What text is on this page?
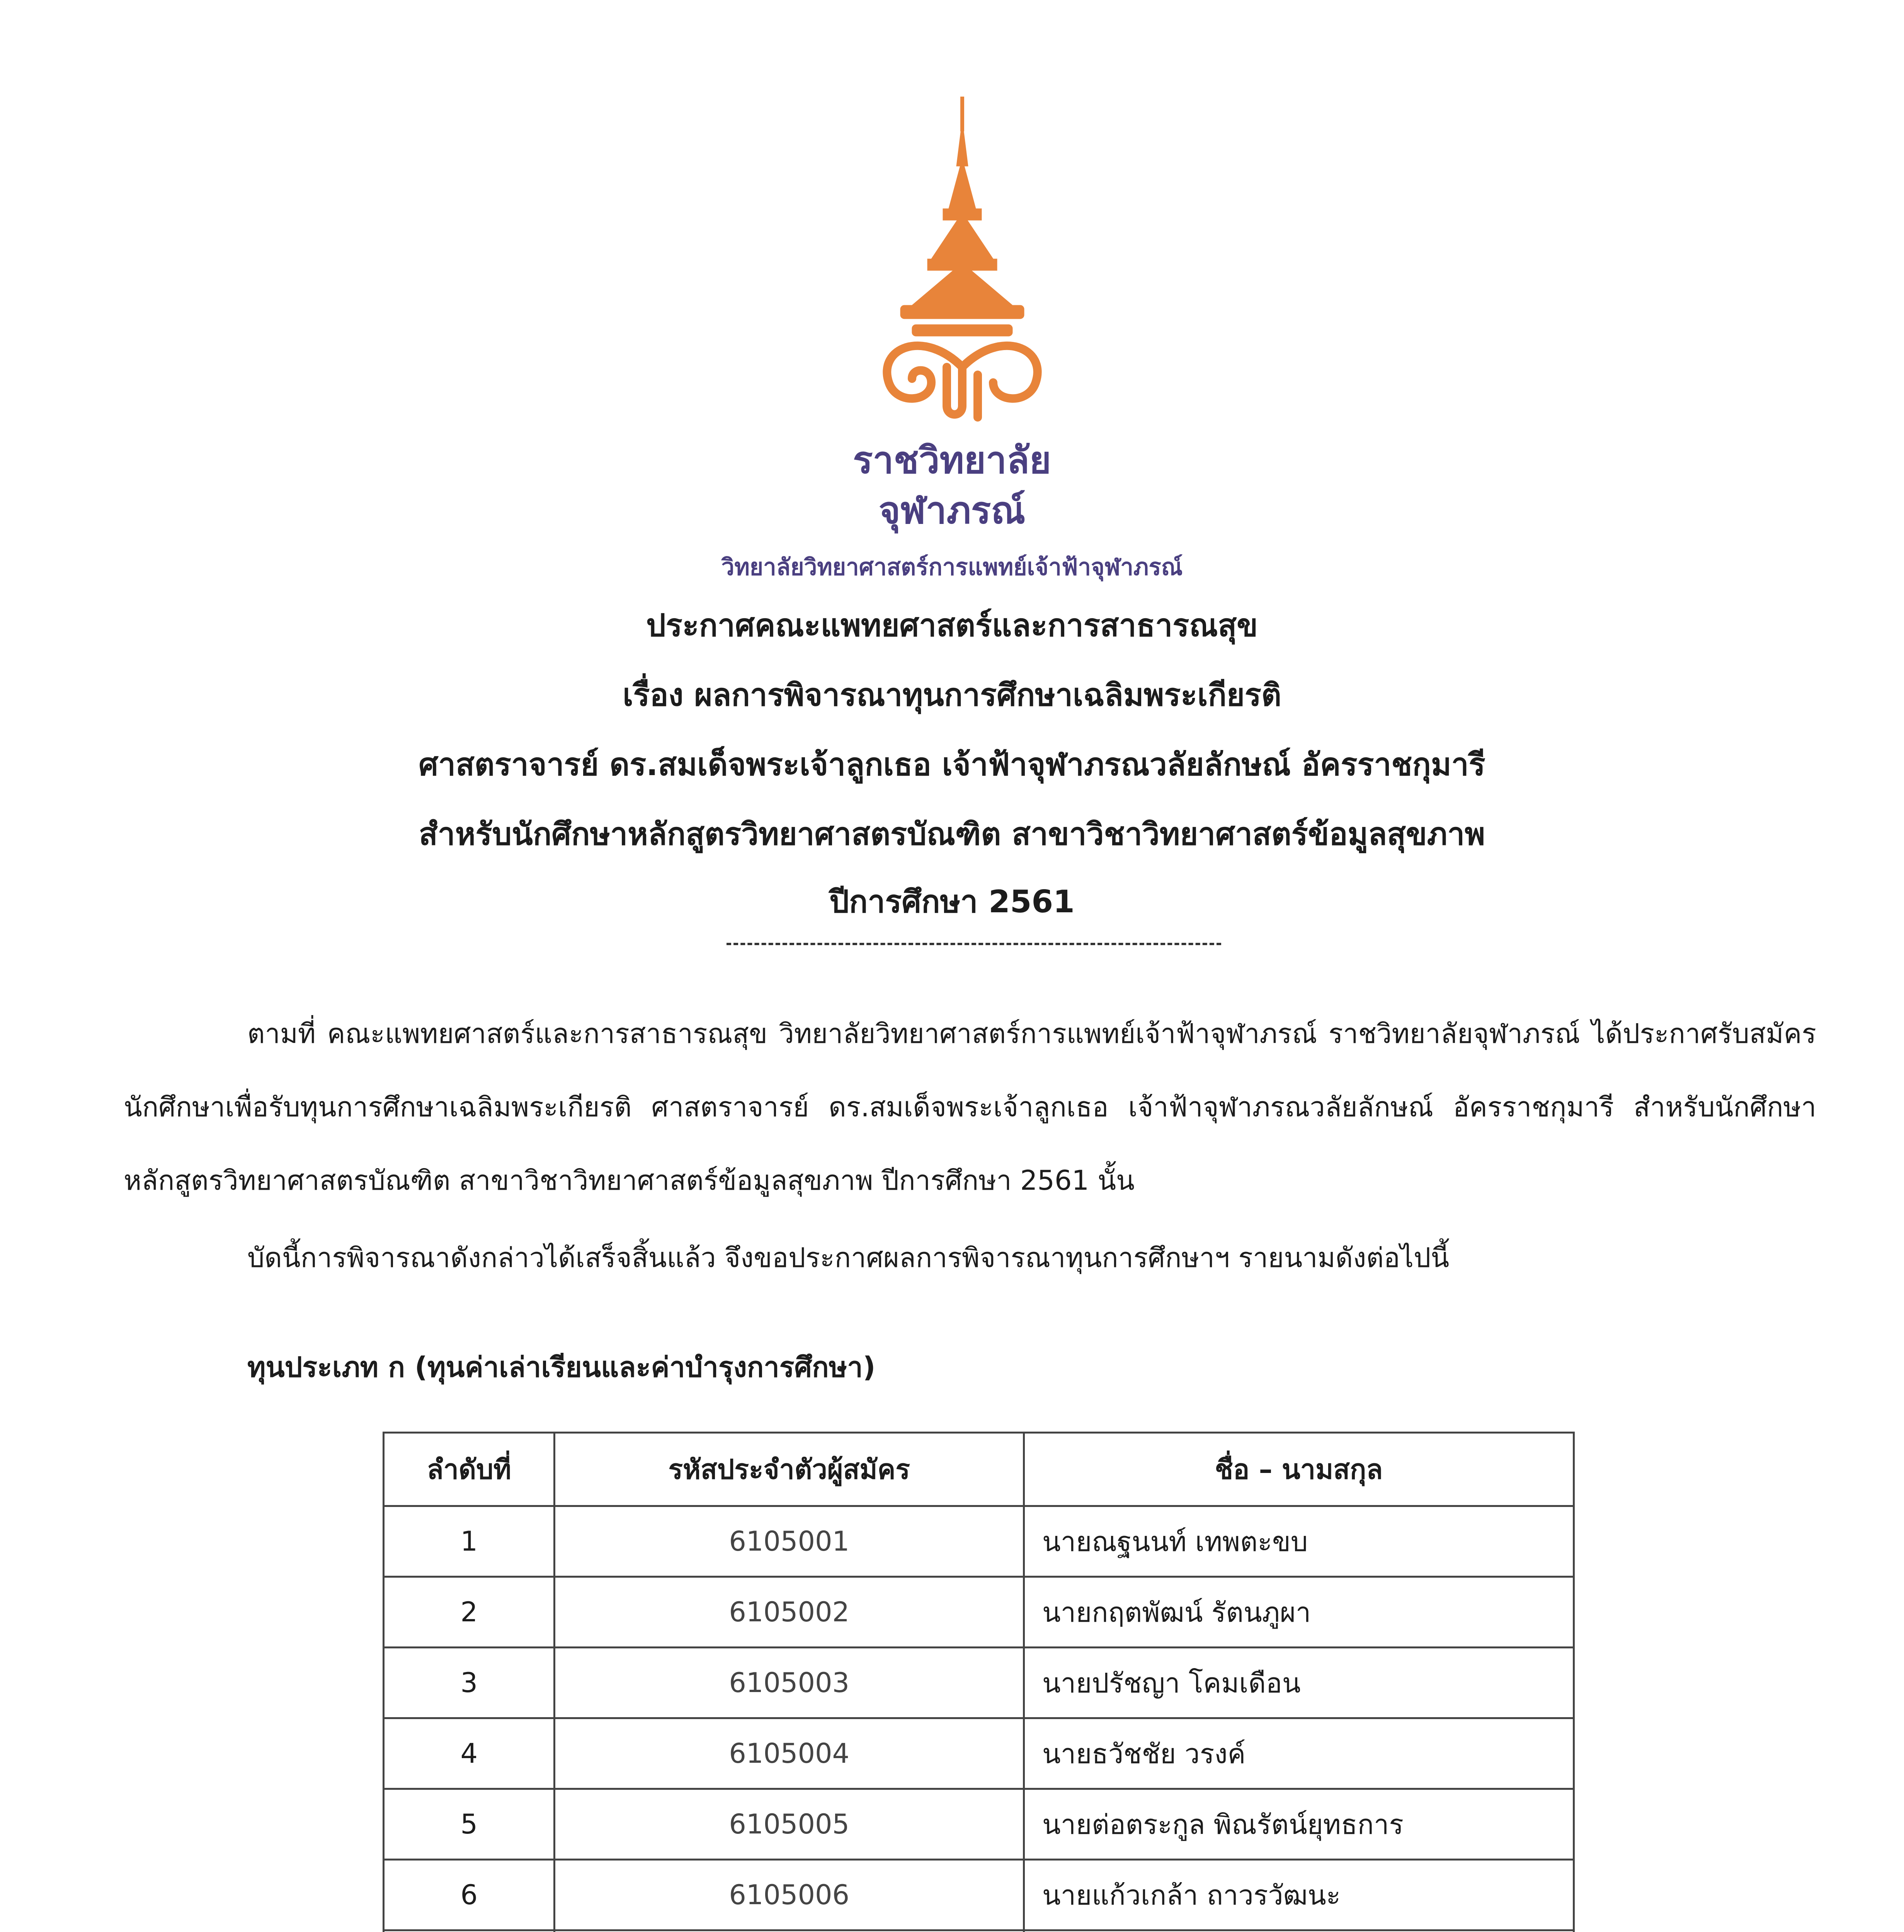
ราชวิทยาลัย
จุฬาภรณ์
วิทยาลัยวิทยาศาสตร์การแพทย์เจ้าฟ้าจุฬาภรณ์
ประกาศคณะแพทยศาสตร์และการสาธารณสุข
เรื่อง ผลการพิจารณาทุนการศึกษาเฉลิมพระเกียรติ
ศาสตราจารย์ ดร.สมเด็จพระเจ้าลูกเธอ เจ้าฟ้าจุฬาภรณวลัยลักษณ์ อัครราชกุมารี
สำหรับนักศึกษาหลักสูตรวิทยาศาสตรบัณฑิต สาขาวิชาวิทยาศาสตร์ข้อมูลสุขภาพ
ปีการศึกษา 2561
ตามที่ คณะแพทยศาสตร์และการสาธารณสุข วิทยาลัยวิทยาศาสตร์การแพทย์เจ้าฟ้าจุฬาภรณ์ ราชวิทยาลัยจุฬาภรณ์ ได้ประกาศรับสมัครนักศึกษาเพื่อรับทุนการศึกษาเฉลิมพระเกียรติ ศาสตราจารย์ ดร.สมเด็จพระเจ้าลูกเธอ เจ้าฟ้าจุฬาภรณวลัยลักษณ์ อัครราชกุมารี สำหรับนักศึกษาหลักสูตรวิทยาศาสตรบัณฑิต สาขาวิชาวิทยาศาสตร์ข้อมูลสุขภาพ ปีการศึกษา 2561 นั้น
บัดนี้การพิจารณาดังกล่าวได้เสร็จสิ้นแล้ว จึงขอประกาศผลการพิจารณาทุนการศึกษาฯ รายนามดังต่อไปนี้
ทุนประเภท ก (ทุนค่าเล่าเรียนและค่าบำรุงการศึกษา)
ลำดับที่	รหัสประจำตัวผู้สมัคร	ชื่อ – นามสกุล
1	6105001	นายณฐนนท์ เทพตะขบ
2	6105002	นายกฤตพัฒน์ รัตนภูผา
3	6105003	นายปรัชญา โคมเดือน
4	6105004	นายธวัชชัย วรงค์
5	6105005	นายต่อตระกูล พิณรัตน์ยุทธการ
6	6105006	นายแก้วเกล้า ถาวรวัฒนะ
